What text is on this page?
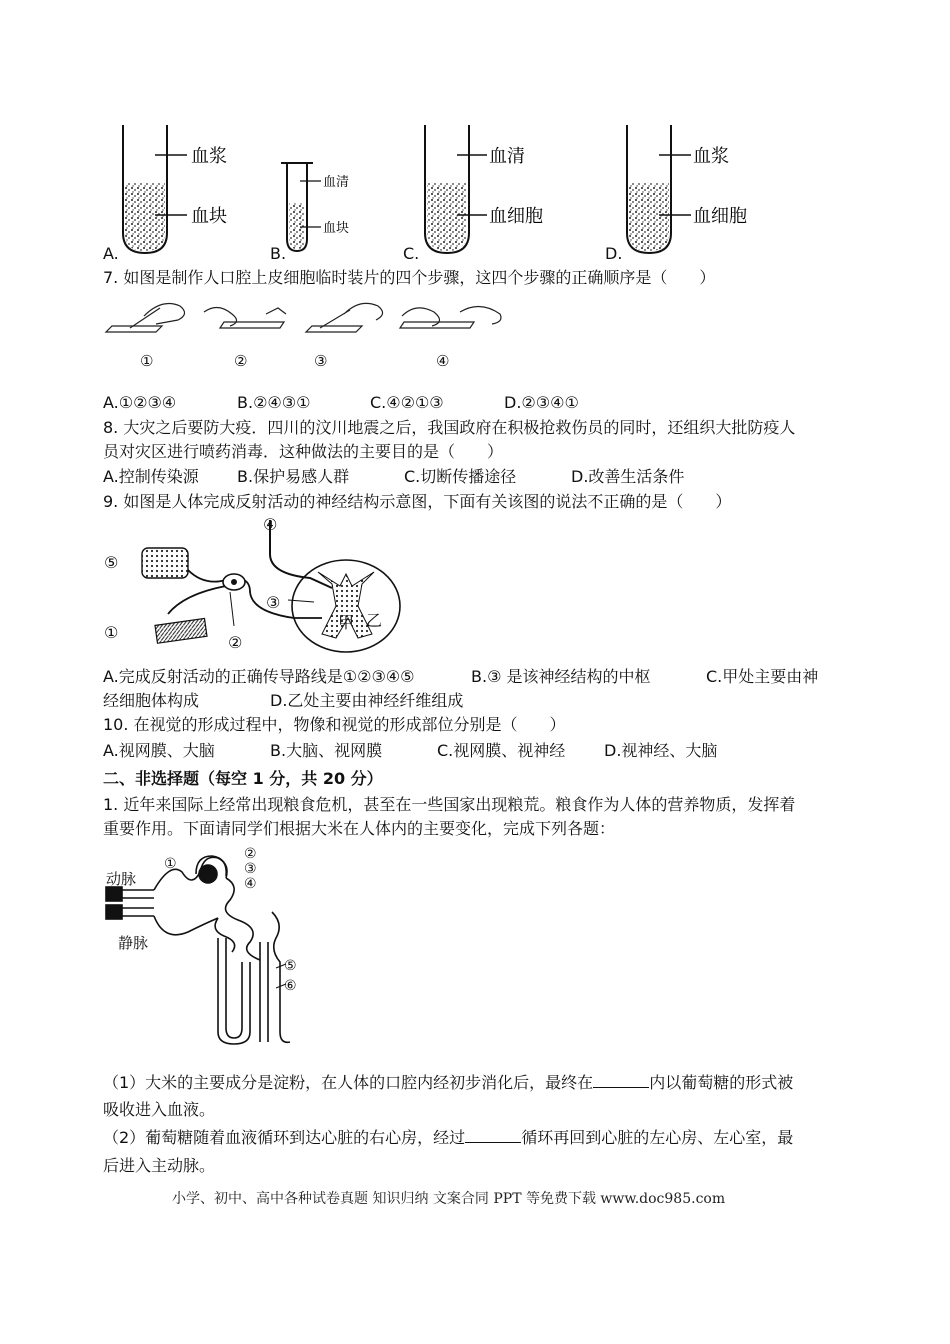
血浆
血块
血清
血块
血清
血细胞
血浆
血细胞
A.	B.	C.	D.
7. 如图是制作人口腔上皮细胞临时装片的四个步骤，这四个步骤的正确顺序是（　　）
①	②	③	④
A.①②③④	B.②④③①	C.④②①③	D.②③④①
8. 大灾之后要防大疫．四川的汶川地震之后，我国政府在积极抢救伤员的同时，还组织大批防疫人
员对灾区进行喷药消毒．这种做法的主要目的是（　　）
A.控制传染源 B.保护易感人群	C.切断传播途径	D.改善生活条件
9. 如图是人体完成反射活动的神经结构示意图，下面有关该图的说法不正确的是（　　）
④
⑤
③
甲 乙
①
②
A.完成反射活动的正确传导路线是①②③④⑤	B.③ 是该神经结构的中枢	C.甲处主要由神
经细胞体构成	D.乙处主要由神经纤维组成
10. 在视觉的形成过程中，物像和视觉的形成部位分别是（　　）
A.视网膜、大脑	B.大脑、视网膜	C.视网膜、视神经 D.视神经、大脑
二、非选择题（每空 1 分，共 20 分）
1. 近年来国际上经常出现粮食危机，甚至在一些国家出现粮荒。粮食作为人体的营养物质，发挥着
重要作用。下面请同学们根据大米在人体内的主要变化，完成下列各题：
①
②
③
④
⑤
⑥
动脉
静脉
（1）大米的主要成分是淀粉，在人体的口腔内经初步消化后，最终在	内以葡萄糖的形式被
吸收进入血液。
（2）葡萄糖随着血液循环到达心脏的右心房，经过	循环再回到心脏的左心房、左心室，最
后进入主动脉。
小学、初中、高中各种试卷真题 知识归纳 文案合同 PPT 等免费下载 www.doc985.com
